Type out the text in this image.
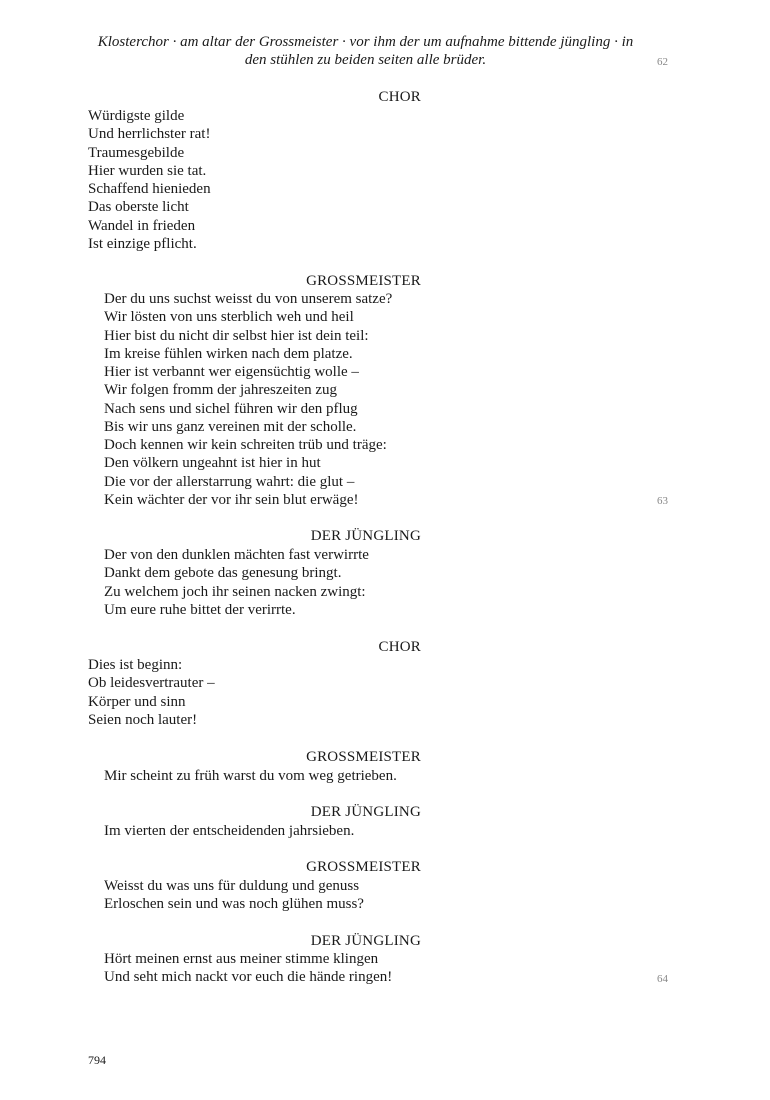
Klosterchor · am altar der Grossmeister · vor ihm der um aufnahme bittende jüngling · in den stühlen zu beiden seiten alle brüder.	62
CHOR
Würdigste gilde
Und herrlichster rat!
Traumesgebilde
Hier wurden sie tat.
Schaffend hienieden
Das oberste licht
Wandel in frieden
Ist einzige pflicht.
GROSSMEISTER
Der du uns suchst weisst du von unserem satze?
Wir lösten von uns sterblich weh und heil
Hier bist du nicht dir selbst hier ist dein teil:
Im kreise fühlen wirken nach dem platze.
Hier ist verbannt wer eigensüchtig wolle –
Wir folgen fromm der jahreszeiten zug
Nach sens und sichel führen wir den pflug
Bis wir uns ganz vereinen mit der scholle.
Doch kennen wir kein schreiten trüb und träge:
Den völkern ungeahnt ist hier in hut
Die vor der allerstarrung wahrt: die glut –
Kein wächter der vor ihr sein blut erwäge!	63
DER JÜNGLING
Der von den dunklen mächten fast verwirrte
Dankt dem gebote das genesung bringt.
Zu welchem joch ihr seinen nacken zwingt:
Um eure ruhe bittet der verirrte.
CHOR
Dies ist beginn:
Ob leidesvertrauter –
Körper und sinn
Seien noch lauter!
GROSSMEISTER
Mir scheint zu früh warst du vom weg getrieben.
DER JÜNGLING
Im vierten der entscheidenden jahrsieben.
GROSSMEISTER
Weisst du was uns für duldung und genuss
Erloschen sein und was noch glühen muss?
DER JÜNGLING
Hört meinen ernst aus meiner stimme klingen
Und seht mich nackt vor euch die hände ringen!	64
794
